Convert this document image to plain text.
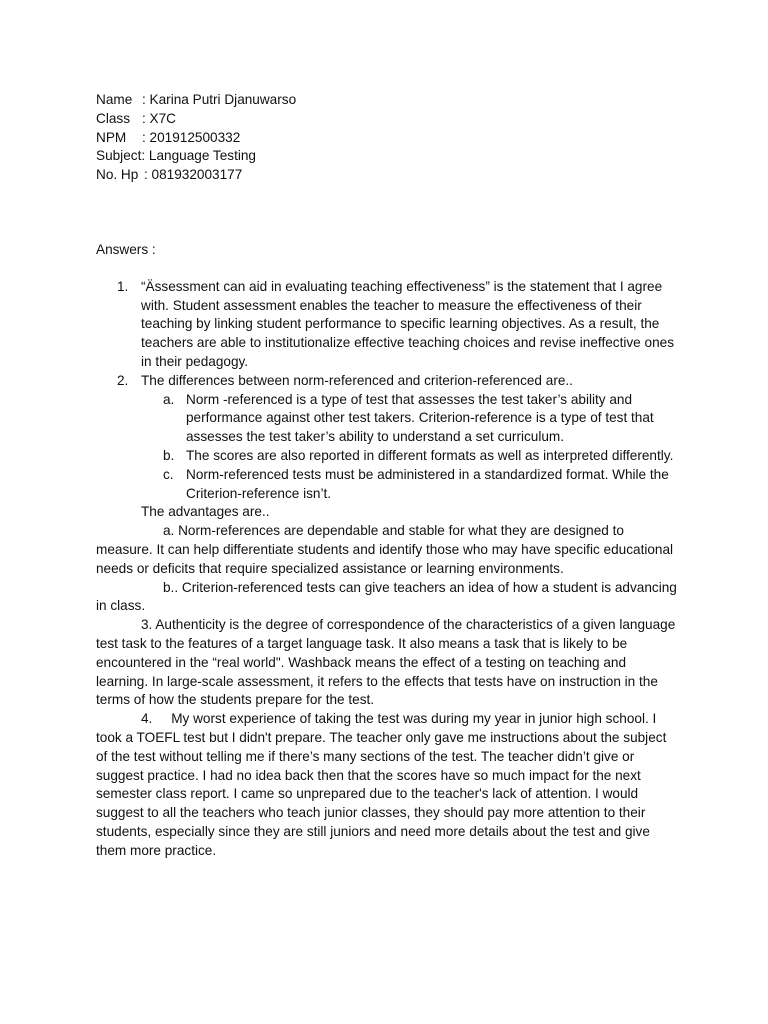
Name : Karina Putri Djanuwarso
Class : X7C
NPM	: 201912500332
Subject : Language Testing
No. Hp : 081932003177

Answers :

1. “Ässessment can aid in evaluating teaching effectiveness” is the statement that I agree with. Student assessment enables the teacher to measure the effectiveness of their teaching by linking student performance to specific learning objectives. As a result, the teachers are able to institutionalize effective teaching choices and revise ineffective ones in their pedagogy.

2. The differences between norm-referenced and criterion-referenced are..

a. Norm -referenced is a type of test that assesses the test taker’s ability and performance against other test takers. Criterion-reference is a type of test that assesses the test taker’s ability to understand a set curriculum.

b. The scores are also reported in different formats as well as interpreted differently.

c. Norm-referenced tests must be administered in a standardized format. While the Criterion-reference isn’t.

The advantages are..

a. Norm-references are dependable and stable for what they are designed to measure. It can help differentiate students and identify those who may have specific educational needs or deficits that require specialized assistance or learning environments.

b.. Criterion-referenced tests can give teachers an idea of how a student is advancing in class.

3. Authenticity is the degree of correspondence of the characteristics of a given language test task to the features of a target language task. It also means a task that is likely to be encountered in the “real world". Washback means the effect of a testing on teaching and learning. In large-scale assessment, it refers to the effects that tests have on instruction in the terms of how the students prepare for the test.

4.     My worst experience of taking the test was during my year in junior high school. I took a TOEFL test but I didn't prepare. The teacher only gave me instructions about the subject of the test without telling me if there’s many sections of the test. The teacher didn’t give or suggest practice. I had no idea back then that the scores have so much impact for the next semester class report. I came so unprepared due to the teacher's lack of attention. I would suggest to all the teachers who teach junior classes, they should pay more attention to their students, especially since they are still juniors and need more details about the test and give them more practice.
